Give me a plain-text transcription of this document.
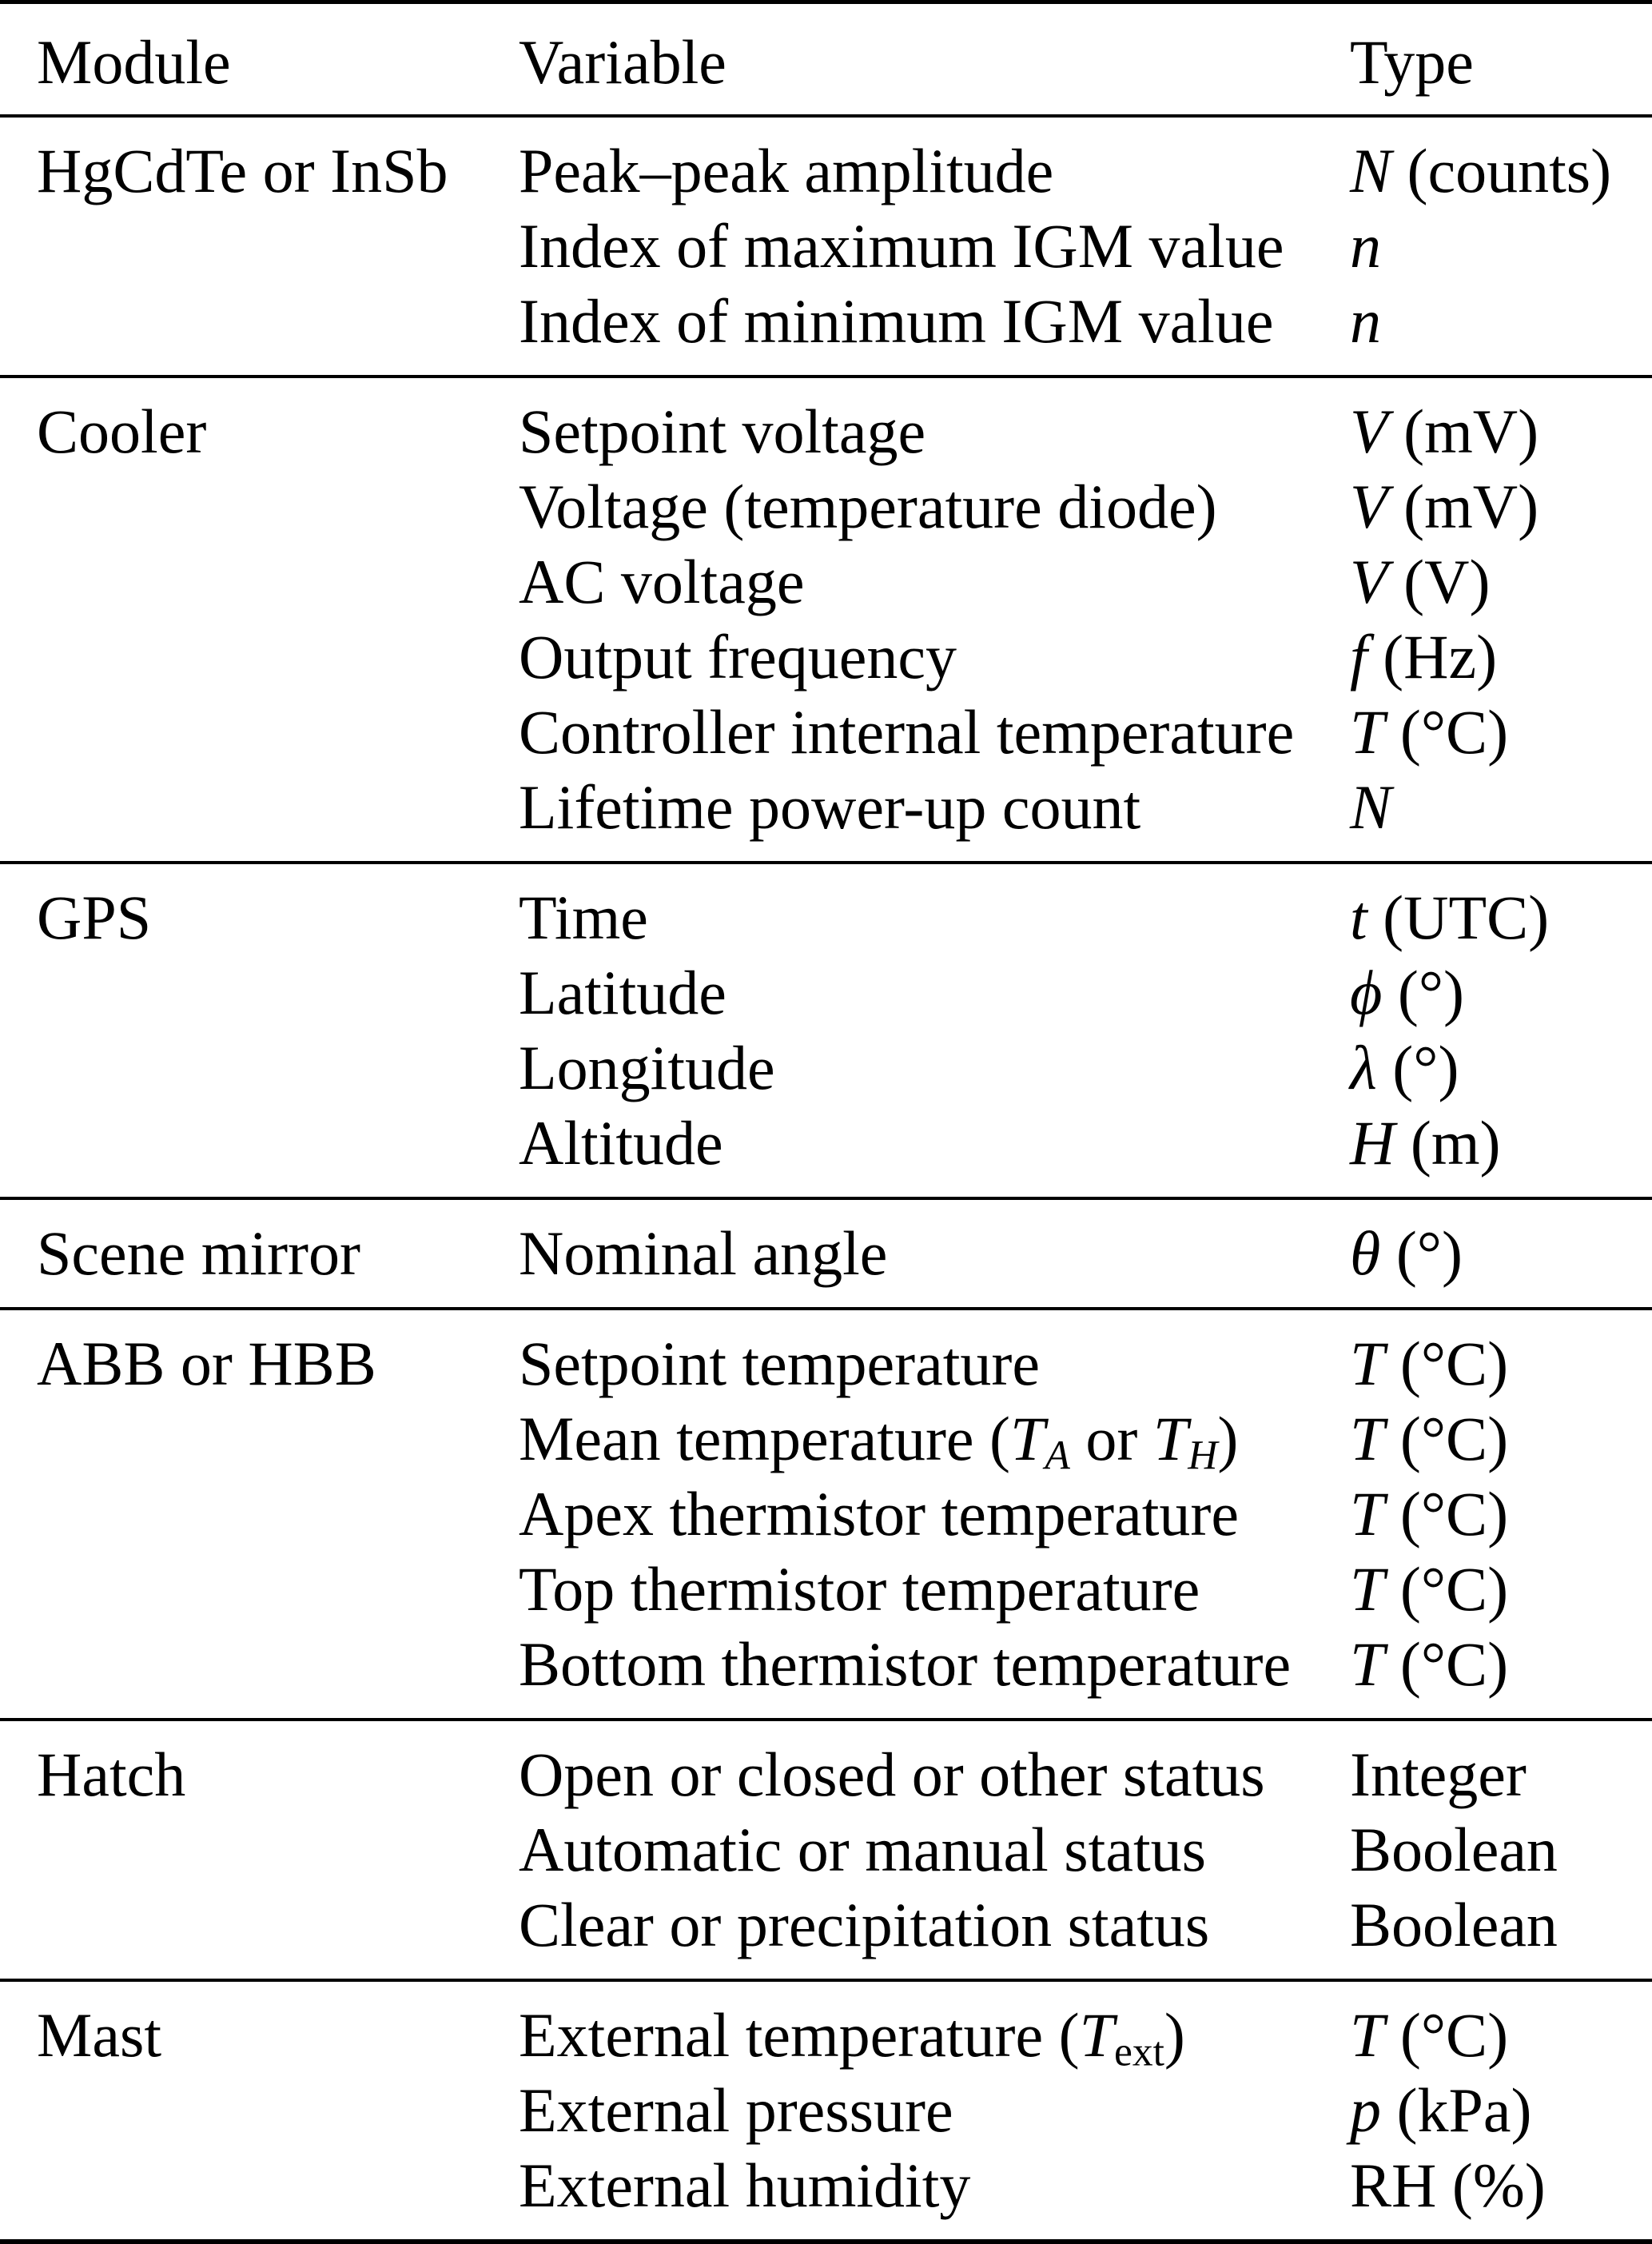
Module	Variable	Type
HgCdTe or InSb	Peak–peak amplitude	N (counts)
	Index of maximum IGM value	n
	Index of minimum IGM value	n
Cooler	Setpoint voltage	V (mV)
	Voltage (temperature diode)	V (mV)
	AC voltage	V (V)
	Output frequency	f (Hz)
	Controller internal temperature	T (°C)
	Lifetime power-up count	N
GPS	Time	t (UTC)
	Latitude	ϕ (°)
	Longitude	λ (°)
	Altitude	H (m)
Scene mirror	Nominal angle	θ (°)
ABB or HBB	Setpoint temperature	T (°C)
	Mean temperature (TA or TH)	T (°C)
	Apex thermistor temperature	T (°C)
	Top thermistor temperature	T (°C)
	Bottom thermistor temperature	T (°C)
Hatch	Open or closed or other status	Integer
	Automatic or manual status	Boolean
	Clear or precipitation status	Boolean
Mast	External temperature (Text)	T (°C)
	External pressure	p (kPa)
	External humidity	RH (%)
